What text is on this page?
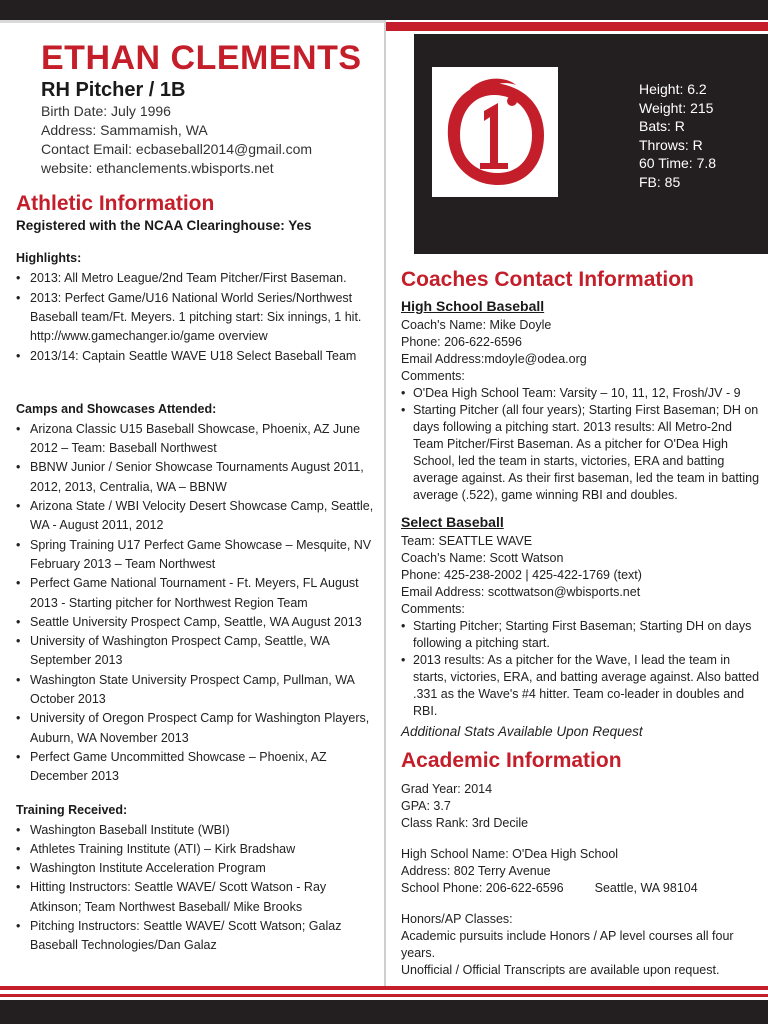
ETHAN CLEMENTS
RH Pitcher / 1B
Birth Date: July 1996
Address: Sammamish, WA
Contact Email: ecbaseball2014@gmail.com
website: ethanclements.wbisports.net
Athletic Information
Registered with the NCAA Clearinghouse: Yes
Highlights:
• 2013: All Metro League/2nd Team Pitcher/First Baseman.
• 2013: Perfect Game/U16 National World Series/Northwest Baseball team/Ft. Meyers. 1 pitching start: Six innings, 1 hit. http://www.gamechanger.io/game overview
• 2013/14: Captain Seattle WAVE U18 Select Baseball Team
Camps and Showcases Attended:
• Arizona Classic U15 Baseball Showcase, Phoenix, AZ June 2012 – Team: Baseball Northwest
• BBNW Junior / Senior Showcase Tournaments August 2011, 2012, 2013, Centralia, WA – BBNW
• Arizona State / WBI Velocity Desert Showcase Camp, Seattle, WA - August 2011, 2012
• Spring Training U17 Perfect Game Showcase – Mesquite, NV February 2013 – Team Northwest
• Perfect Game National Tournament - Ft. Meyers, FL August 2013 - Starting pitcher for Northwest Region Team
• Seattle University Prospect Camp, Seattle, WA August 2013
• University of Washington Prospect Camp, Seattle, WA September 2013
• Washington State University Prospect Camp, Pullman, WA October 2013
• University of Oregon Prospect Camp for Washington Players, Auburn, WA November 2013
• Perfect Game Uncommitted Showcase – Phoenix, AZ December 2013
Training Received:
• Washington Baseball Institute (WBI)
• Athletes Training Institute (ATI) – Kirk Bradshaw
• Washington Institute Acceleration Program
• Hitting Instructors: Seattle WAVE/ Scott Watson - Ray Atkinson; Team Northwest Baseball/ Mike Brooks
• Pitching Instructors: Seattle WAVE/ Scott Watson; Galaz Baseball Technologies/Dan Galaz
Height: 6.2
Weight: 215
Bats: R
Throws: R
60 Time: 7.8
FB: 85
Coaches Contact Information
High School Baseball
Coach's Name: Mike Doyle
Phone: 206-622-6596
Email Address:mdoyle@odea.org
Comments:
• O'Dea High School Team: Varsity – 10, 11, 12, Frosh/JV - 9
• Starting Pitcher (all four years); Starting First Baseman; DH on days following a pitching start. 2013 results: All Metro-2nd Team Pitcher/First Baseman. As a pitcher for O'Dea High School, led the team in starts, victories, ERA and batting average against. As their first baseman, led the team in batting average (.522), game winning RBI and doubles.
Select Baseball
Team: SEATTLE WAVE
Coach's Name: Scott Watson
Phone: 425-238-2002 | 425-422-1769 (text)
Email Address: scottwatson@wbisports.net
Comments:
• Starting Pitcher; Starting First Baseman; Starting DH on days following a pitching start.
• 2013 results: As a pitcher for the Wave, I lead the team in starts, victories, ERA, and batting average against. Also batted .331 as the Wave's #4 hitter. Team co-leader in doubles and RBI.
Additional Stats Available Upon Request
Academic Information
Grad Year: 2014
GPA: 3.7
Class Rank: 3rd Decile
High School Name: O'Dea High School
Address: 802 Terry Avenue
School Phone: 206-622-6596 Seattle, WA 98104
Honors/AP Classes:
Academic pursuits include Honors / AP level courses all four years.
Unofficial / Official Transcripts are available upon request.
